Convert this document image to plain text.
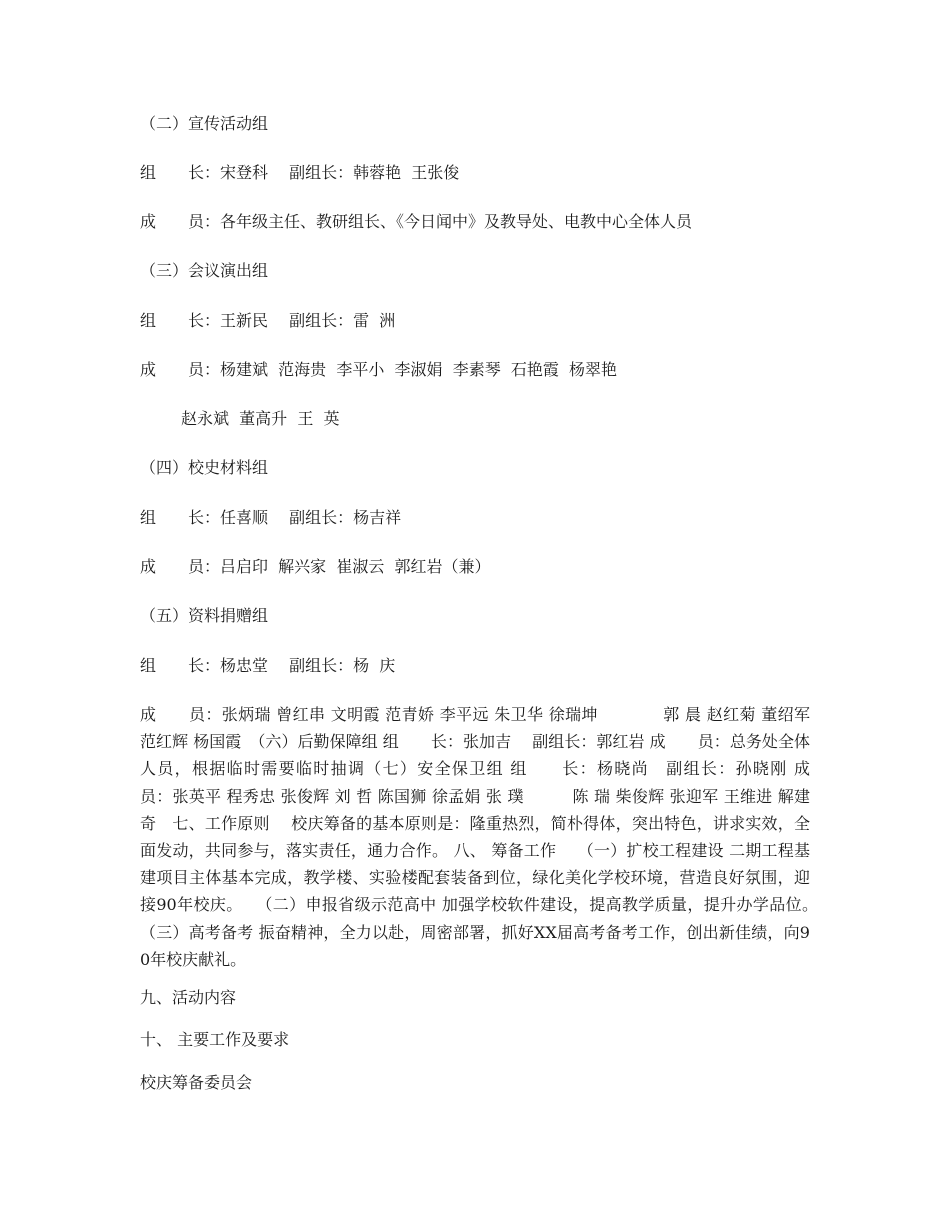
（二）宣传活动组
组　　长：宋登科　 副组长：韩蓉艳  王张俊
成　　员：各年级主任、教研组长、《今日闻中》及教导处、电教中心全体人员
（三）会议演出组
组　　长：王新民　 副组长：雷  洲
成　　员：杨建斌  范海贵  李平小  李淑娟  李素琴  石艳霞  杨翠艳
赵永斌  董高升  王  英
（四）校史材料组
组　　长：任喜顺　 副组长：杨吉祥
成　　员：吕启印  解兴家  崔淑云  郭红岩（兼）
（五）资料捐赠组
组　　长：杨忠堂　 副组长：杨  庆
成　　员：张炳瑞 曾红串 文明霞 范青娇 李平远 朱卫华 徐瑞坤　　　　郭 晨 赵红菊 董绍军 范红辉 杨国霞　（六）后勤保障组 组　　长：张加吉　 副组长：郭红岩 成　　员：总务处全体人员，根据临时需要临时抽调（七）安全保卫组 组　　长：杨晓尚　副组长：孙晓刚 成　　员：张英平 程秀忠 张俊辉 刘 哲 陈国狮 徐孟娟 张 璞　　　陈 瑞 柴俊辉 张迎军 王维进 解建奇　七、工作原则　 校庆筹备的基本原则是：隆重热烈，简朴得体，突出特色，讲求实效，全面发动，共同参与，落实责任，通力合作。 八、 筹备工作　 （一）扩校工程建设 二期工程基建项目主体基本完成，教学楼、实验楼配套装备到位，绿化美化学校环境，营造良好氛围，迎接90年校庆。　 （二）申报省级示范高中 加强学校软件建设，提高教学质量，提升办学品位。　 （三）高考备考 振奋精神，全力以赴，周密部署，抓好XX届高考备考工作，创出新佳绩，向90年校庆献礼。
九、活动内容
十、 主要工作及要求
校庆筹备委员会
